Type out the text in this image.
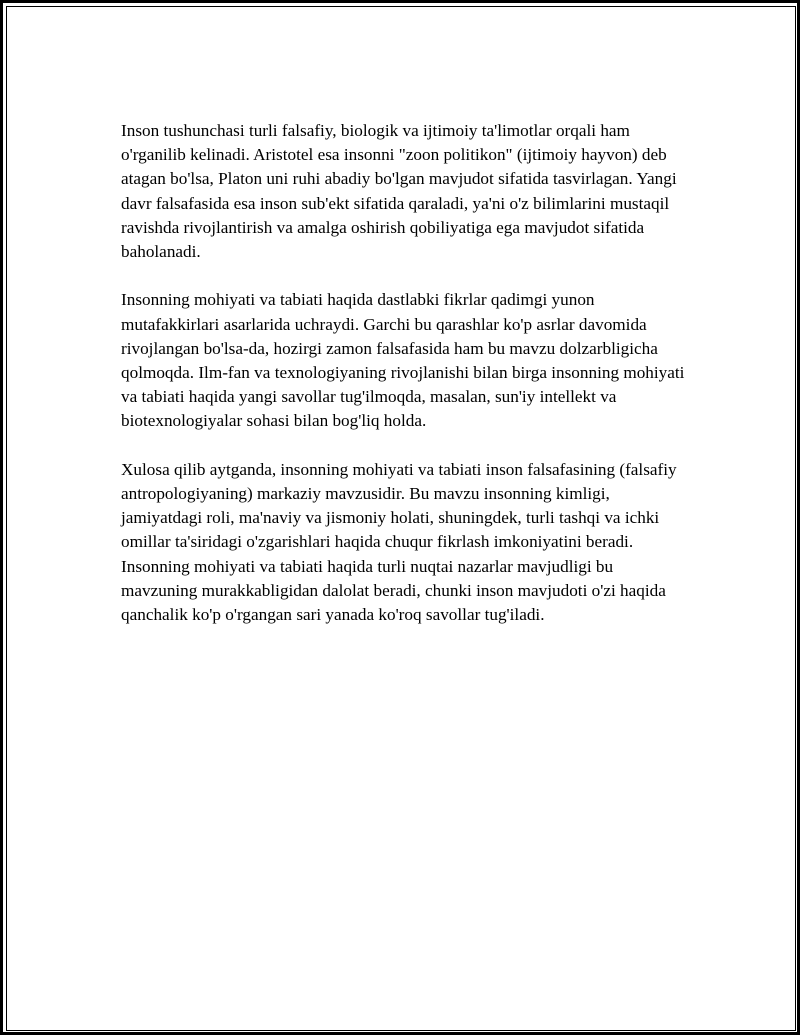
Inson tushunchasi turli falsafiy, biologik va ijtimoiy ta'limotlar orqali ham o'rganilib kelinadi. Aristotel esa insonni "zoon politikon" (ijtimoiy hayvon) deb atagan bo'lsa, Platon uni ruhi abadiy bo'lgan mavjudot sifatida tasvirlagan. Yangi davr falsafasida esa inson sub'ekt sifatida qaraladi, ya'ni o'z bilimlarini mustaqil ravishda rivojlantirish va amalga oshirish qobiliyatiga ega mavjudot sifatida baholanadi.

Insonning mohiyati va tabiati haqida dastlabki fikrlar qadimgi yunon mutafakkirlari asarlarida uchraydi. Garchi bu qarashlar ko'p asrlar davomida rivojlangan bo'lsa-da, hozirgi zamon falsafasida ham bu mavzu dolzarbligicha qolmoqda. Ilm-fan va texnologiyaning rivojlanishi bilan birga insonning mohiyati va tabiati haqida yangi savollar tug'ilmoqda, masalan, sun'iy intellekt va biotexnologiyalar sohasi bilan bog'liq holda.

Xulosa qilib aytganda, insonning mohiyati va tabiati inson falsafasining (falsafiy antropologiyaning) markaziy mavzusidir. Bu mavzu insonning kimligi, jamiyatdagi roli, ma'naviy va jismoniy holati, shuningdek, turli tashqi va ichki omillar ta'siridagi o'zgarishlari haqida chuqur fikrlash imkoniyatini beradi. Insonning mohiyati va tabiati haqida turli nuqtai nazarlar mavjudligi bu mavzuning murakkabligidan dalolat beradi, chunki inson mavjudoti o'zi haqida qanchalik ko'p o'rgangan sari yanada ko'roq savollar tug'iladi.
